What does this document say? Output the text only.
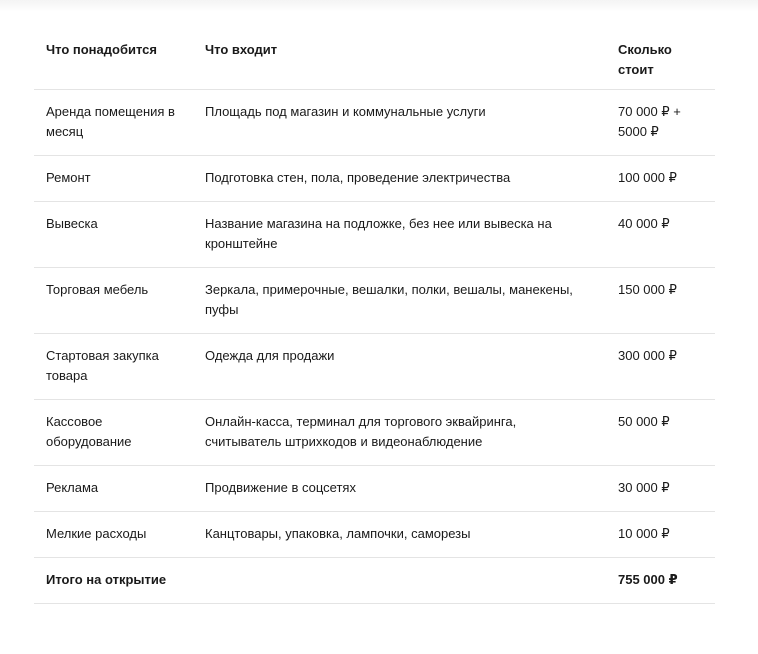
Что понадобится	Что входит	Сколько стоит
Аренда помещения в месяц	Площадь под магазин и коммунальные услуги	70 000 ₽ + 5000 ₽
Ремонт	Подготовка стен, пола, проведение электричества	100 000 ₽
Вывеска	Название магазина на подложке, без нее или вывеска на кронштейне	40 000 ₽
Торговая мебель	Зеркала, примерочные, вешалки, полки, вешалы, манекены, пуфы	150 000 ₽
Стартовая закупка товара	Одежда для продажи	300 000 ₽
Кассовое оборудование	Онлайн-касса, терминал для торгового эквайринга, считыватель штрихкодов и видеонаблюдение	50 000 ₽
Реклама	Продвижение в соцсетях	30 000 ₽
Мелкие расходы	Канцтовары, упаковка, лампочки, саморезы	10 000 ₽
Итого на открытие		755 000 ₽
